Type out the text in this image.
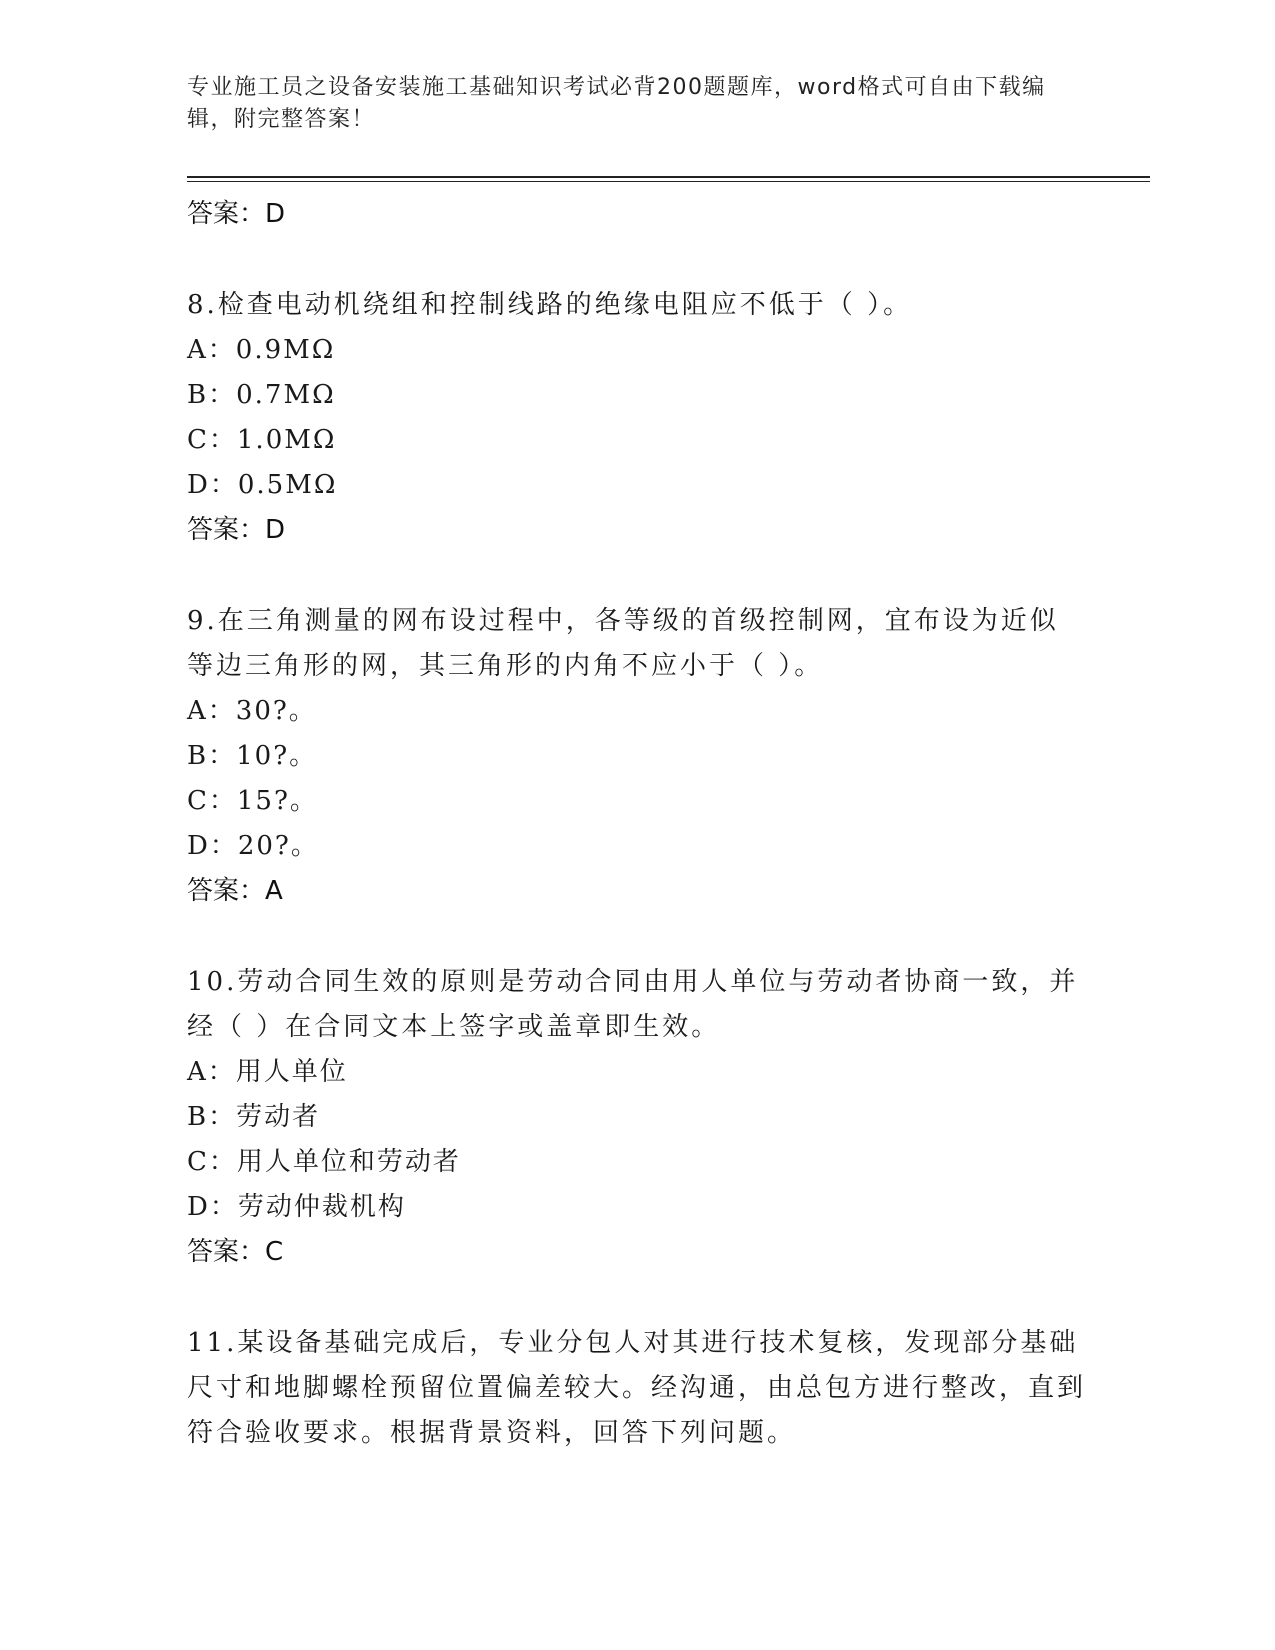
专业施工员之设备安装施工基础知识考试必背200题题库，word格式可自由下载编辑，附完整答案！

答案：D

8.检查电动机绕组和控制线路的绝缘电阻应不低于（ ）。

A：0.9MΩ

B：0.7MΩ

C：1.0MΩ

D：0.5MΩ

答案：D

9.在三角测量的网布设过程中，各等级的首级控制网，宜布设为近似等边三角形的网，其三角形的内角不应小于（ ）。

A：30?。

B：10?。

C：15?。

D：20?。

答案：A

10.劳动合同生效的原则是劳动合同由用人单位与劳动者协商一致，并经（ ）在合同文本上签字或盖章即生效。

A：用人单位

B：劳动者

C：用人单位和劳动者

D：劳动仲裁机构

答案：C

11.某设备基础完成后，专业分包人对其进行技术复核，发现部分基础尺寸和地脚螺栓预留位置偏差较大。经沟通，由总包方进行整改，直到符合验收要求。根据背景资料，回答下列问题。
